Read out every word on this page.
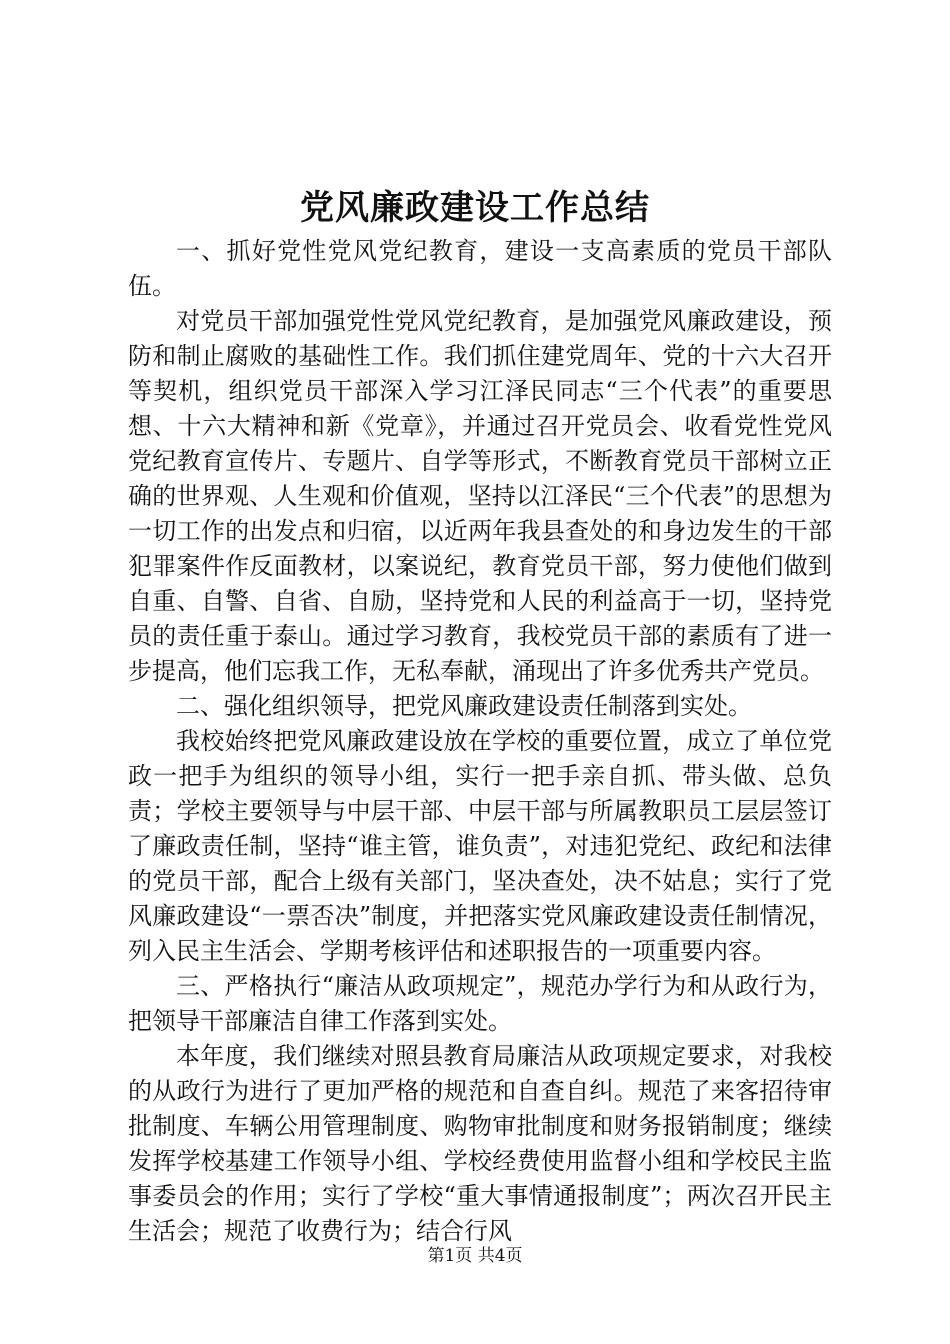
党风廉政建设工作总结

一、抓好党性党风党纪教育，建设一支高素质的党员干部队伍。

对党员干部加强党性党风党纪教育，是加强党风廉政建设，预防和制止腐败的基础性工作。我们抓住建党周年、党的十六大召开等契机，组织党员干部深入学习江泽民同志“三个代表”的重要思想、十六大精神和新《党章》，并通过召开党员会、收看党性党风党纪教育宣传片、专题片、自学等形式，不断教育党员干部树立正确的世界观、人生观和价值观，坚持以江泽民“三个代表”的思想为一切工作的出发点和归宿，以近两年我县查处的和身边发生的干部犯罪案件作反面教材，以案说纪，教育党员干部，努力使他们做到自重、自警、自省、自励，坚持党和人民的利益高于一切，坚持党员的责任重于泰山。通过学习教育，我校党员干部的素质有了进一步提高，他们忘我工作，无私奉献，涌现出了许多优秀共产党员。

二、强化组织领导，把党风廉政建设责任制落到实处。

我校始终把党风廉政建设放在学校的重要位置，成立了单位党政一把手为组织的领导小组，实行一把手亲自抓、带头做、总负责；学校主要领导与中层干部、中层干部与所属教职员工层层签订了廉政责任制，坚持“谁主管，谁负责”，对违犯党纪、政纪和法律的党员干部，配合上级有关部门，坚决查处，决不姑息；实行了党风廉政建设“一票否决”制度，并把落实党风廉政建设责任制情况，列入民主生活会、学期考核评估和述职报告的一项重要内容。

三、严格执行“廉洁从政项规定”，规范办学行为和从政行为，把领导干部廉洁自律工作落到实处。

本年度，我们继续对照县教育局廉洁从政项规定要求，对我校的从政行为进行了更加严格的规范和自查自纠。规范了来客招待审批制度、车辆公用管理制度、购物审批制度和财务报销制度；继续发挥学校基建工作领导小组、学校经费使用监督小组和学校民主监事委员会的作用；实行了学校“重大事情通报制度”；两次召开民主生活会；规范了收费行为；结合行风

第1页 共4页
